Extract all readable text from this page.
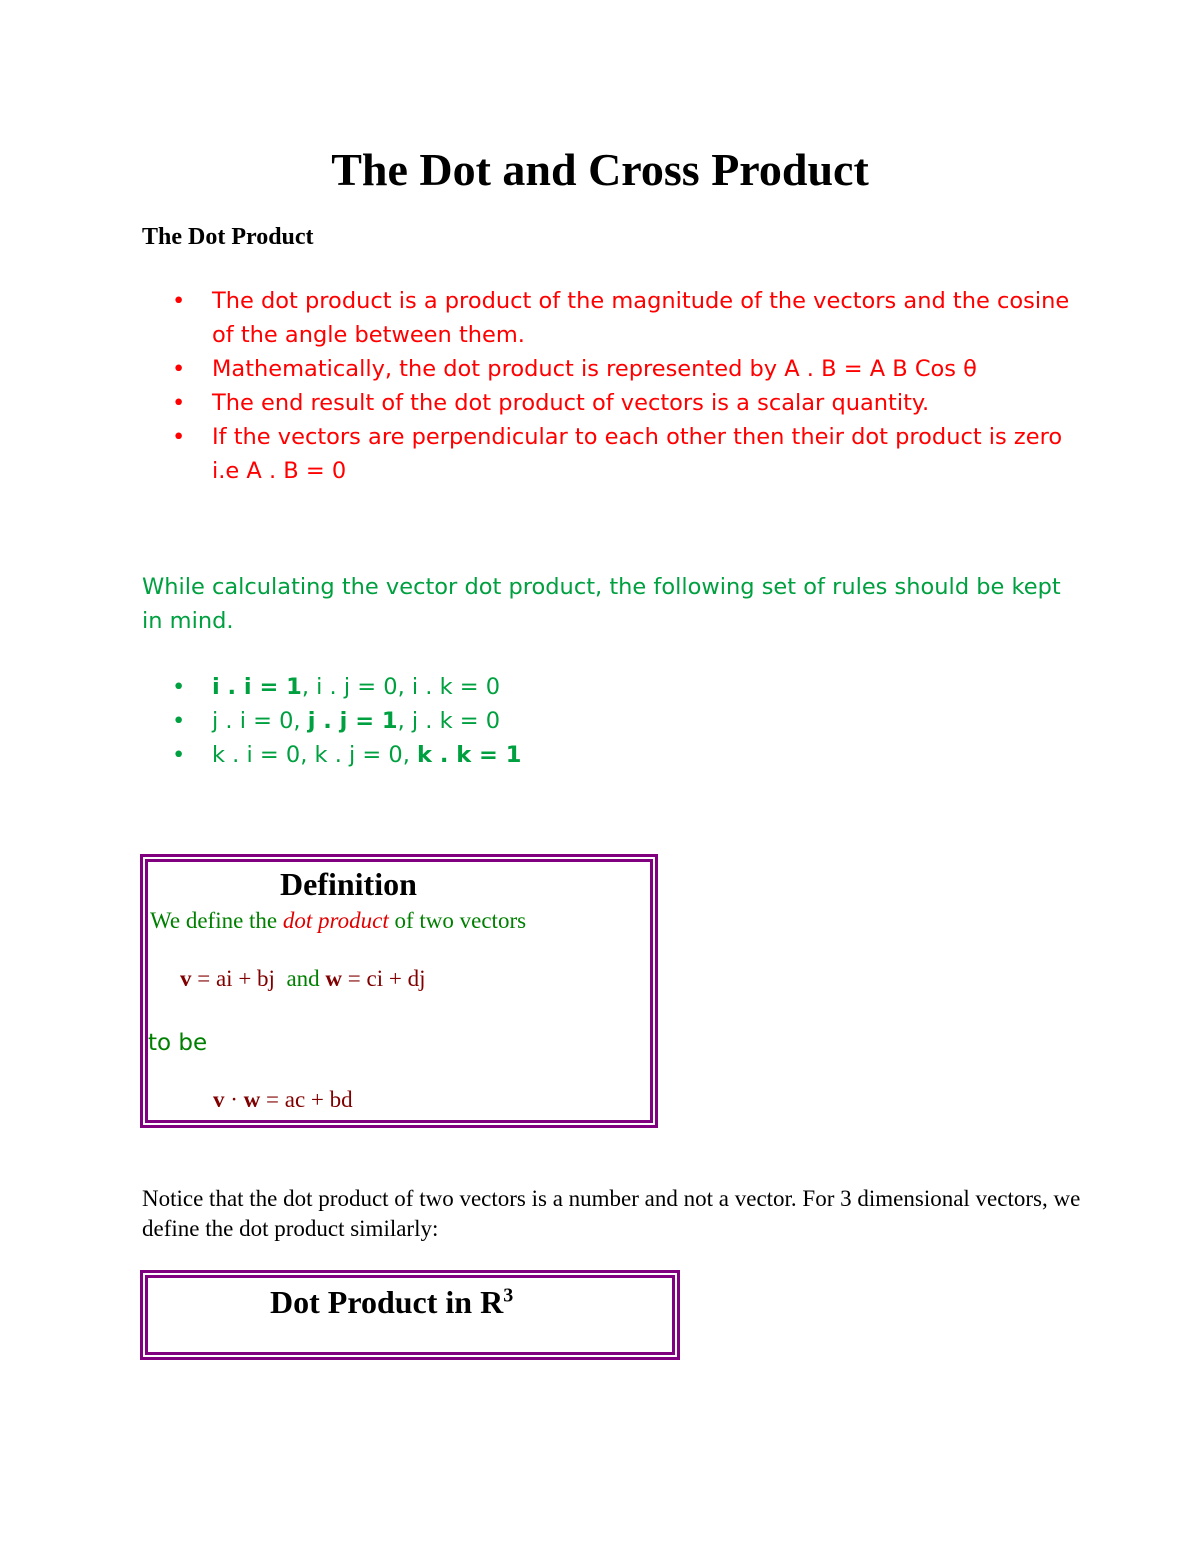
The Dot and Cross Product
The Dot Product
• The dot product is a product of the magnitude of the vectors and the cosine of the angle between them.
• Mathematically, the dot product is represented by A . B = A B Cos θ
• The end result of the dot product of vectors is a scalar quantity.
• If the vectors are perpendicular to each other then their dot product is zero i.e A . B = 0

While calculating the vector dot product, the following set of rules should be kept in mind.

• i . i = 1, i . j = 0, i . k = 0
• j . i = 0, j . j = 1, j . k = 0
• k . i = 0, k . j = 0, k . k = 1
Definition
We define the dot product of two vectors
v = ai + bj and w = ci + dj
to be
v · w = ac + bd

Notice that the dot product of two vectors is a number and not a vector. For 3 dimensional vectors, we define the dot product similarly:

Dot Product in $R^3$
